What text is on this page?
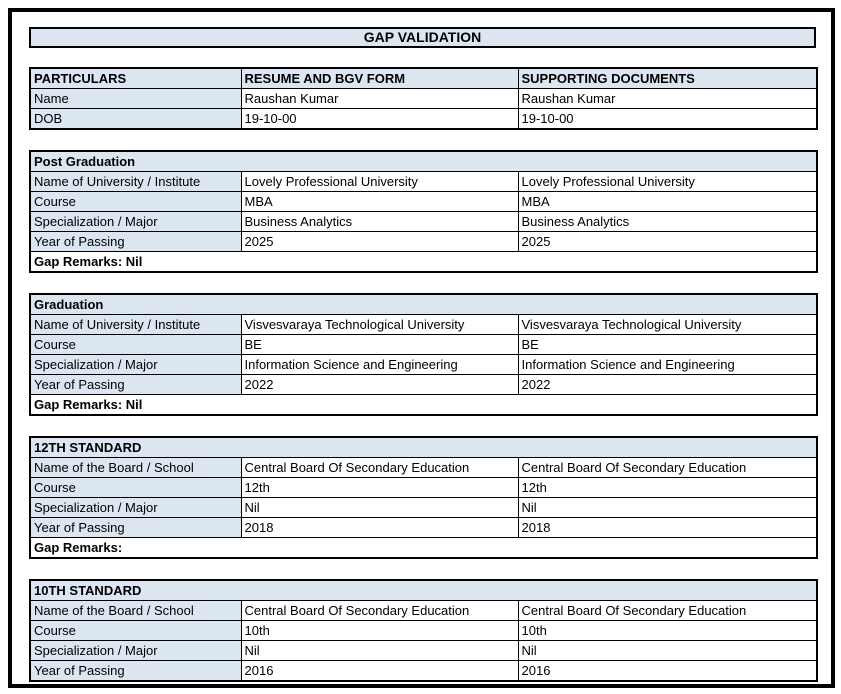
GAP VALIDATION
PARTICULARS	RESUME AND BGV FORM	SUPPORTING DOCUMENTS
Name	Raushan Kumar	Raushan Kumar
DOB	19-10-00	19-10-00
Post Graduation		
Name of University / Institute	Lovely Professional University	Lovely Professional University
Course	MBA	MBA
Specialization / Major	Business Analytics	Business Analytics
Year of Passing	2025	2025
Gap Remarks: Nil		
Graduation		
Name of University / Institute	Visvesvaraya Technological University	Visvesvaraya Technological University
Course	BE	BE
Specialization / Major	Information Science and Engineering	Information Science and Engineering
Year of Passing	2022	2022
Gap Remarks: Nil		
12TH STANDARD		
Name of the Board / School	Central Board Of Secondary Education	Central Board Of Secondary Education
Course	12th	12th
Specialization / Major	Nil	Nil
Year of Passing	2018	2018
Gap Remarks:		
10TH STANDARD		
Name of the Board / School	Central Board Of Secondary Education	Central Board Of Secondary Education
Course	10th	10th
Specialization / Major	Nil	Nil
Year of Passing	2016	2016
